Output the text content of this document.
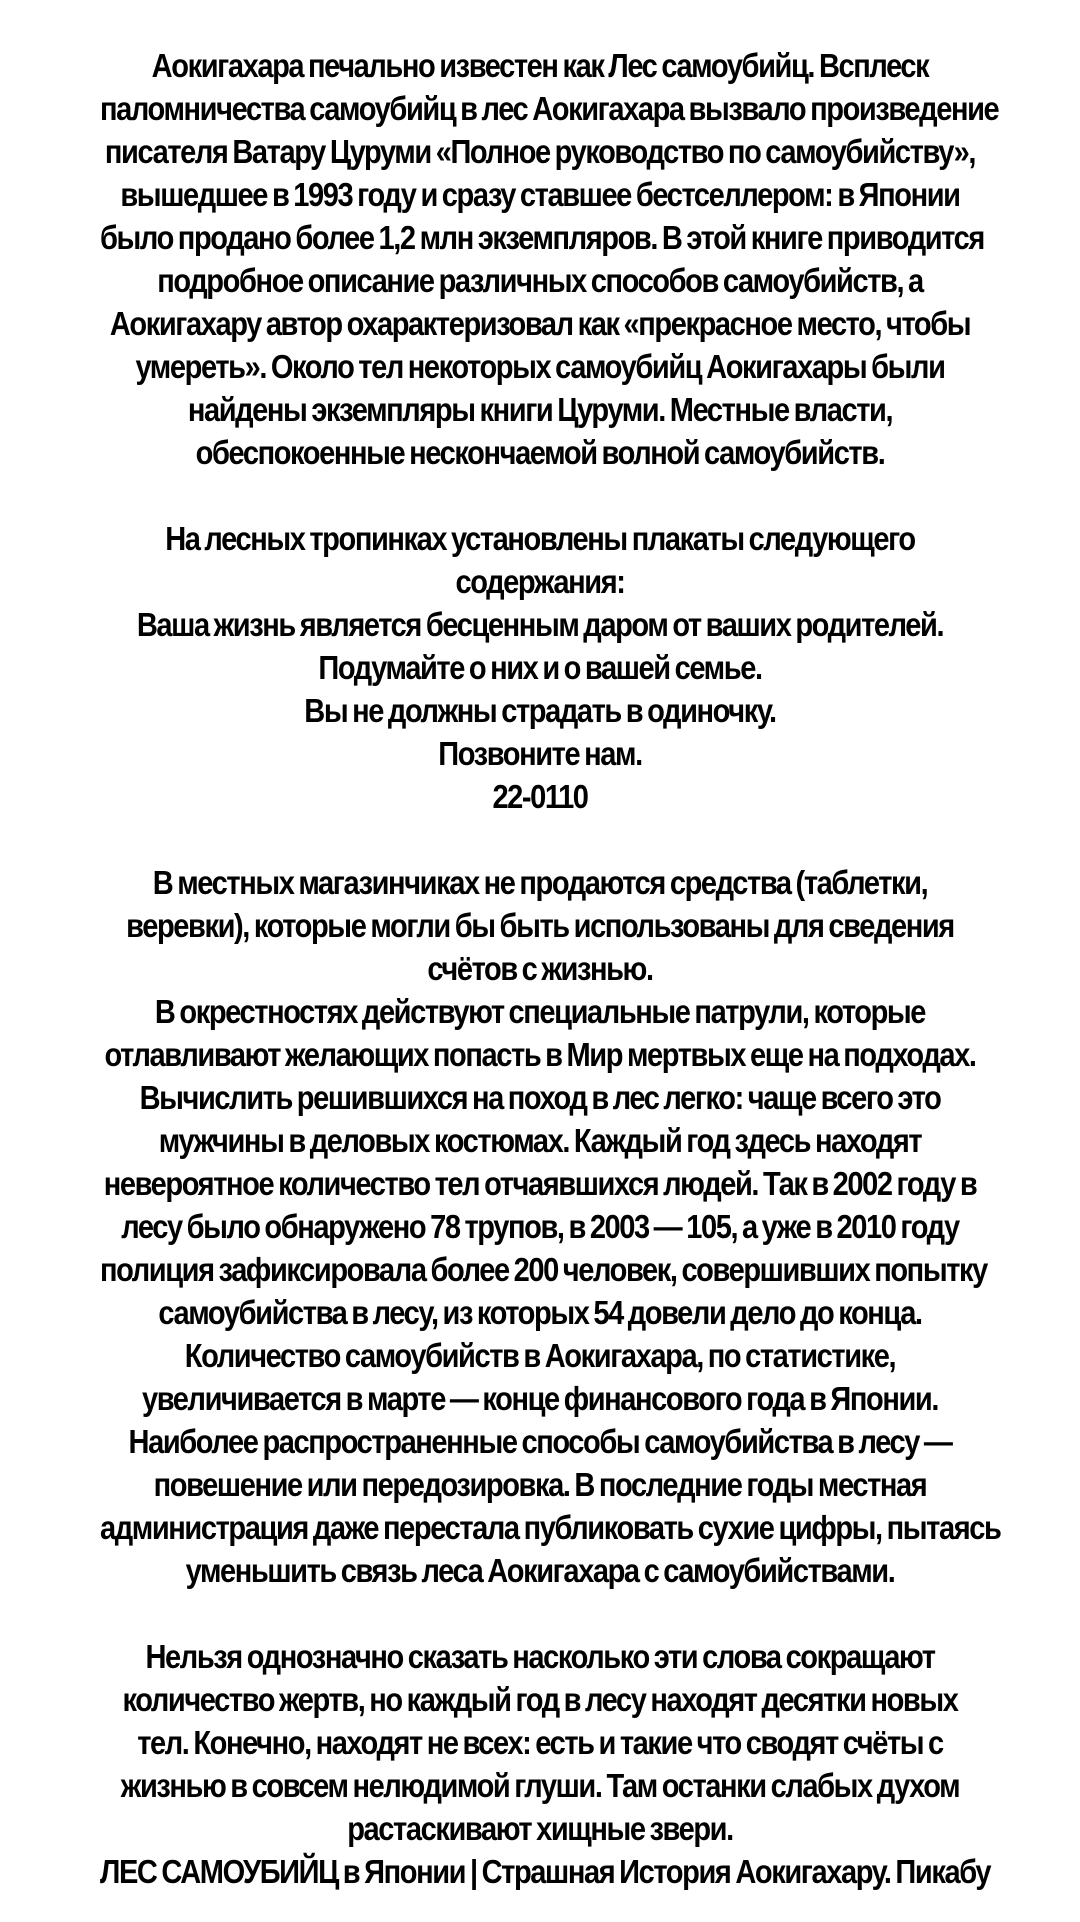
Аокигахара печально известен как Лес самоубийц. Всплеск
паломничества самоубийц в лес Аокигахара вызвало произведение
писателя Ватару Цуруми «Полное руководство по самоубийству»,
вышедшее в 1993 году и сразу ставшее бестселлером: в Японии
было продано более 1,2 млн экземпляров. В этой книге приводится
подробное описание различных способов самоубийств, а
Аокигахару автор охарактеризовал как «прекрасное место, чтобы
умереть». Около тел некоторых самоубийц Аокигахары были
найдены экземпляры книги Цуруми. Местные власти,
обеспокоенные нескончаемой волной самоубийств.
На лесных тропинках установлены плакаты следующего
содержания:
Ваша жизнь является бесценным даром от ваших родителей.
Подумайте о них и о вашей семье.
Вы не должны страдать в одиночку.
Позвоните нам.
22-0110
В местных магазинчиках не продаются средства (таблетки,
веревки), которые могли бы быть использованы для сведения
счётов с жизнью.
В окрестностях действуют специальные патрули, которые
отлавливают желающих попасть в Мир мертвых еще на подходах.
Вычислить решившихся на поход в лес легко: чаще всего это
мужчины в деловых костюмах. Каждый год здесь находят
невероятное количество тел отчаявшихся людей. Так в 2002 году в
лесу было обнаружено 78 трупов, в 2003 — 105, а уже в 2010 году
полиция зафиксировала более 200 человек, совершивших попытку
самоубийства в лесу, из которых 54 довели дело до конца.
Количество самоубийств в Аокигахара, по статистике,
увеличивается в марте — конце финансового года в Японии.
Наиболее распространенные способы самоубийства в лесу —
повешение или передозировка. В последние годы местная
администрация даже перестала публиковать сухие цифры, пытаясь
уменьшить связь леса Аокигахара с самоубийствами.
Нельзя однозначно сказать насколько эти слова сокращают
количество жертв, но каждый год в лесу находят десятки новых
тел. Конечно, находят не всех: есть и такие что сводят счёты с
жизнью в совсем нелюдимой глуши. Там останки слабых духом
растаскивают хищные звери.
ЛЕС САМОУБИЙЦ в Японии | Страшная История Аокигахару. Пикабу
